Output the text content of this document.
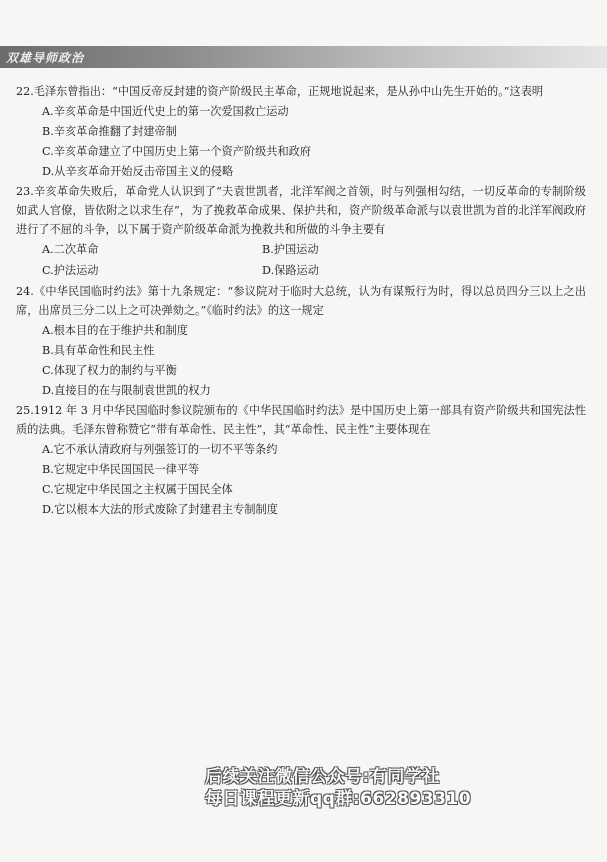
双雄导师政治
22.毛泽东曾指出：“中国反帝反封建的资产阶级民主革命，正规地说起来，是从孙中山先生开始的。”这表明
A.辛亥革命是中国近代史上的第一次爱国救亡运动
B.辛亥革命推翻了封建帝制
C.辛亥革命建立了中国历史上第一个资产阶级共和政府
D.从辛亥革命开始反击帝国主义的侵略
23.辛亥革命失败后，革命党人认识到了“夫袁世凯者，北洋军阀之首领，时与列强相勾结，一切反革命的专制阶级如武人官僚，皆依附之以求生存”，为了挽救革命成果、保护共和，资产阶级革命派与以袁世凯为首的北洋军阀政府进行了不屈的斗争，以下属于资产阶级革命派为挽救共和所做的斗争主要有
A.二次革命	B.护国运动
C.护法运动	D.保路运动
24.《中华民国临时约法》第十九条规定：“参议院对于临时大总统，认为有谋叛行为时，得以总员四分三以上之出席，出席员三分二以上之可决弹劾之。”《临时约法》的这一规定
A.根本目的在于维护共和制度
B.具有革命性和民主性
C.体现了权力的制约与平衡
D.直接目的在与限制袁世凯的权力
25.1912 年 3 月中华民国临时参议院颁布的《中华民国临时约法》是中国历史上第一部具有资产阶级共和国宪法性质的法典。毛泽东曾称赞它“带有革命性、民主性”，其“革命性、民主性”主要体现在
A.它不承认清政府与列强签订的一切不平等条约
B.它规定中华民国国民一律平等
C.它规定中华民国之主权属于国民全体
D.它以根本大法的形式废除了封建君主专制制度
后续关注微信公众号:有同学社
每日课程更新qq群:662893310
